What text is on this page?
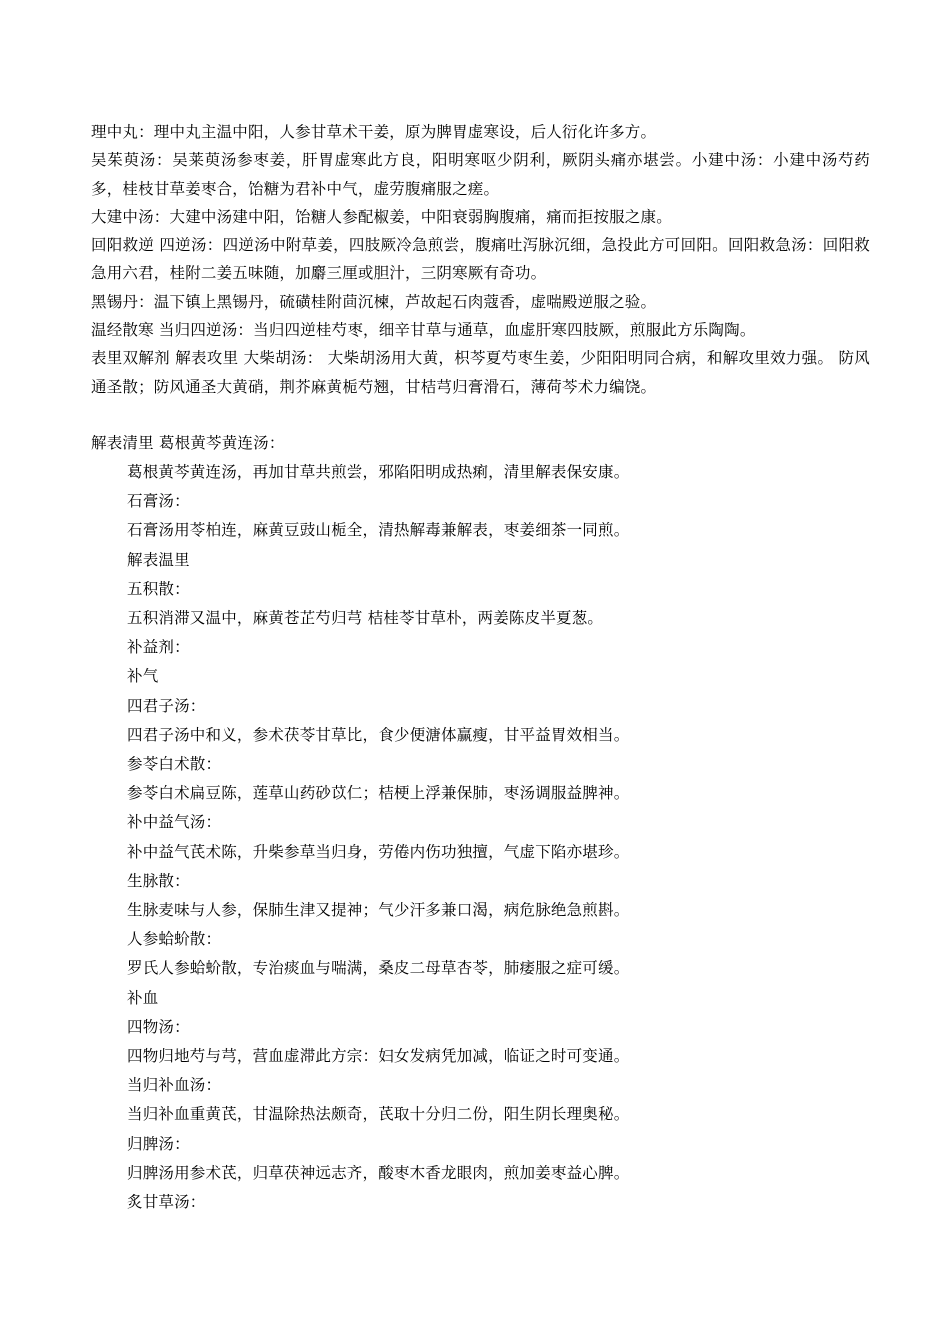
理中丸：理中丸主温中阳，人参甘草术干姜，原为脾胃虚寒设，后人衍化许多方。

吴茱萸汤：吴莱萸汤参枣姜，肝胃虚寒此方良，阳明寒呕少阴利，厥阴头痛亦堪尝。小建中汤：小建中汤芍药多，桂枝甘草姜枣合，饴糖为君补中气，虚劳腹痛服之瘥。

大建中汤：大建中汤建中阳，饴糖人参配椒姜，中阳衰弱胸腹痛，痛而拒按服之康。

回阳救逆 四逆汤：四逆汤中附草姜，四肢厥冷急煎尝，腹痛吐泻脉沉细，急投此方可回阳。回阳救急汤：回阳救急用六君，桂附二姜五味随，加麝三厘或胆汁，三阴寒厥有奇功。

黑锡丹：温下镇上黑锡丹，硫磺桂附茴沉楝，芦故起石肉蔻香，虚喘殿逆服之验。

温经散寒 当归四逆汤：当归四逆桂芍枣，细辛甘草与通草，血虚肝寒四肢厥，煎服此方乐陶陶。

表里双解剂 解表攻里 大柴胡汤： 大柴胡汤用大黄，枳芩夏芍枣生姜，少阳阳明同合病，和解攻里效力强。 防风通圣散；防风通圣大黄硝，荆芥麻黄栀芍翘，甘桔芎归膏滑石，薄荷芩术力编饶。

解表清里 葛根黄芩黄连汤：

葛根黄芩黄连汤，再加甘草共煎尝，邪陷阳明成热痢，清里解表保安康。

石膏汤：

石膏汤用苓柏连，麻黄豆豉山栀全，清热解毒兼解表，枣姜细茶一同煎。

解表温里

五积散：

五积消滞又温中，麻黄苍芷芍归芎 桔桂苓甘草朴，两姜陈皮半夏葱。

补益剂：

补气

四君子汤：

四君子汤中和义，参术茯苓甘草比，食少便溏体赢瘦，甘平益胃效相当。

参苓白术散：

参苓白术扁豆陈，莲草山药砂苡仁；桔梗上浮兼保肺，枣汤调服益脾神。

补中益气汤：

补中益气芪术陈，升柴参草当归身，劳倦内伤功独擅，气虚下陷亦堪珍。

生脉散：

生脉麦味与人参，保肺生津又提神；气少汗多兼口渴，病危脉绝急煎斟。

人参蛤蚧散：

罗氏人参蛤蚧散，专治痰血与喘满，桑皮二母草杏苓，肺痿服之症可缓。

补血

四物汤：

四物归地芍与芎，营血虚滞此方宗：妇女发病凭加减，临证之时可变通。

当归补血汤：

当归补血重黄芪，甘温除热法颇奇，芪取十分归二份，阳生阴长理奥秘。

归脾汤：

归脾汤用参术芪，归草茯神远志齐，酸枣木香龙眼肉，煎加姜枣益心脾。

炙甘草汤：
